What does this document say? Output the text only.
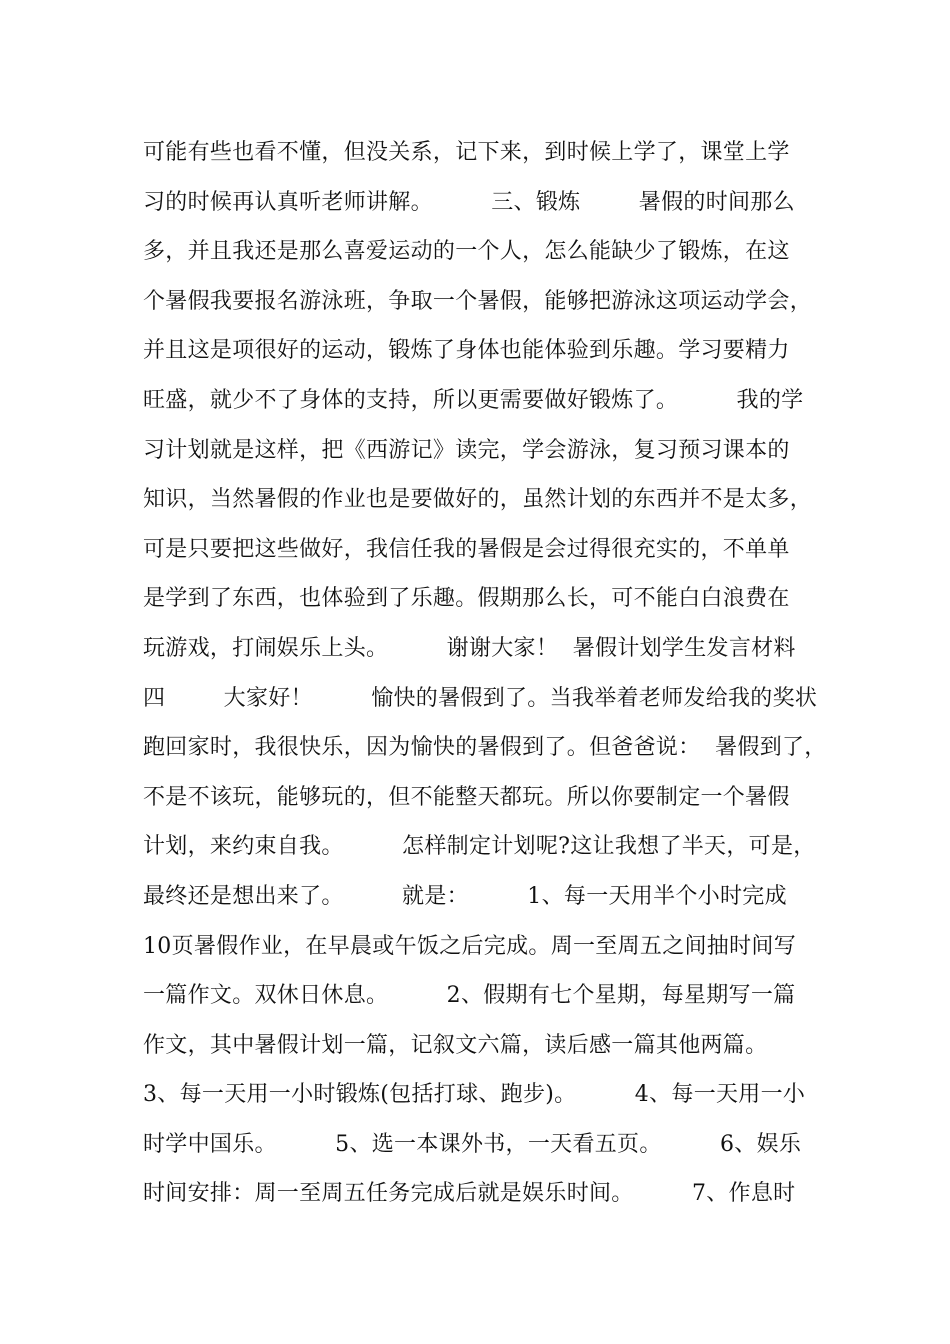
可能有些也看不懂，但没关系，记下来，到时候上学了，课堂上学
习的时候再认真听老师讲解。        三、锻炼        暑假的时间那么
多，并且我还是那么喜爱运动的一个人，怎么能缺少了锻炼，在这
个暑假我要报名游泳班，争取一个暑假，能够把游泳这项运动学会，
并且这是项很好的运动，锻炼了身体也能体验到乐趣。学习要精力
旺盛，就少不了身体的支持，所以更需要做好锻炼了。        我的学
习计划就是这样，把《西游记》读完，学会游泳，复习预习课本的
知识，当然暑假的作业也是要做好的，虽然计划的东西并不是太多，
可是只要把这些做好，我信任我的暑假是会过得很充实的，不单单
是学到了东西，也体验到了乐趣。假期那么长，可不能白白浪费在
玩游戏，打闹娱乐上头。        谢谢大家！  暑假计划学生发言材料
四        大家好！        愉快的暑假到了。当我举着老师发给我的奖状
跑回家时，我很快乐，因为愉快的暑假到了。但爸爸说：  暑假到了，
不是不该玩，能够玩的，但不能整天都玩。所以你要制定一个暑假
计划，来约束自我。        怎样制定计划呢?这让我想了半天，可是，
最终还是想出来了。        就是：        1、每一天用半个小时完成
10页暑假作业，在早晨或午饭之后完成。周一至周五之间抽时间写
一篇作文。双休日休息。        2、假期有七个星期，每星期写一篇
作文，其中暑假计划一篇，记叙文六篇，读后感一篇其他两篇。
3、每一天用一小时锻炼(包括打球、跑步)。        4、每一天用一小
时学中国乐。        5、选一本课外书，一天看五页。        6、娱乐
时间安排：周一至周五任务完成后就是娱乐时间。        7、作息时
